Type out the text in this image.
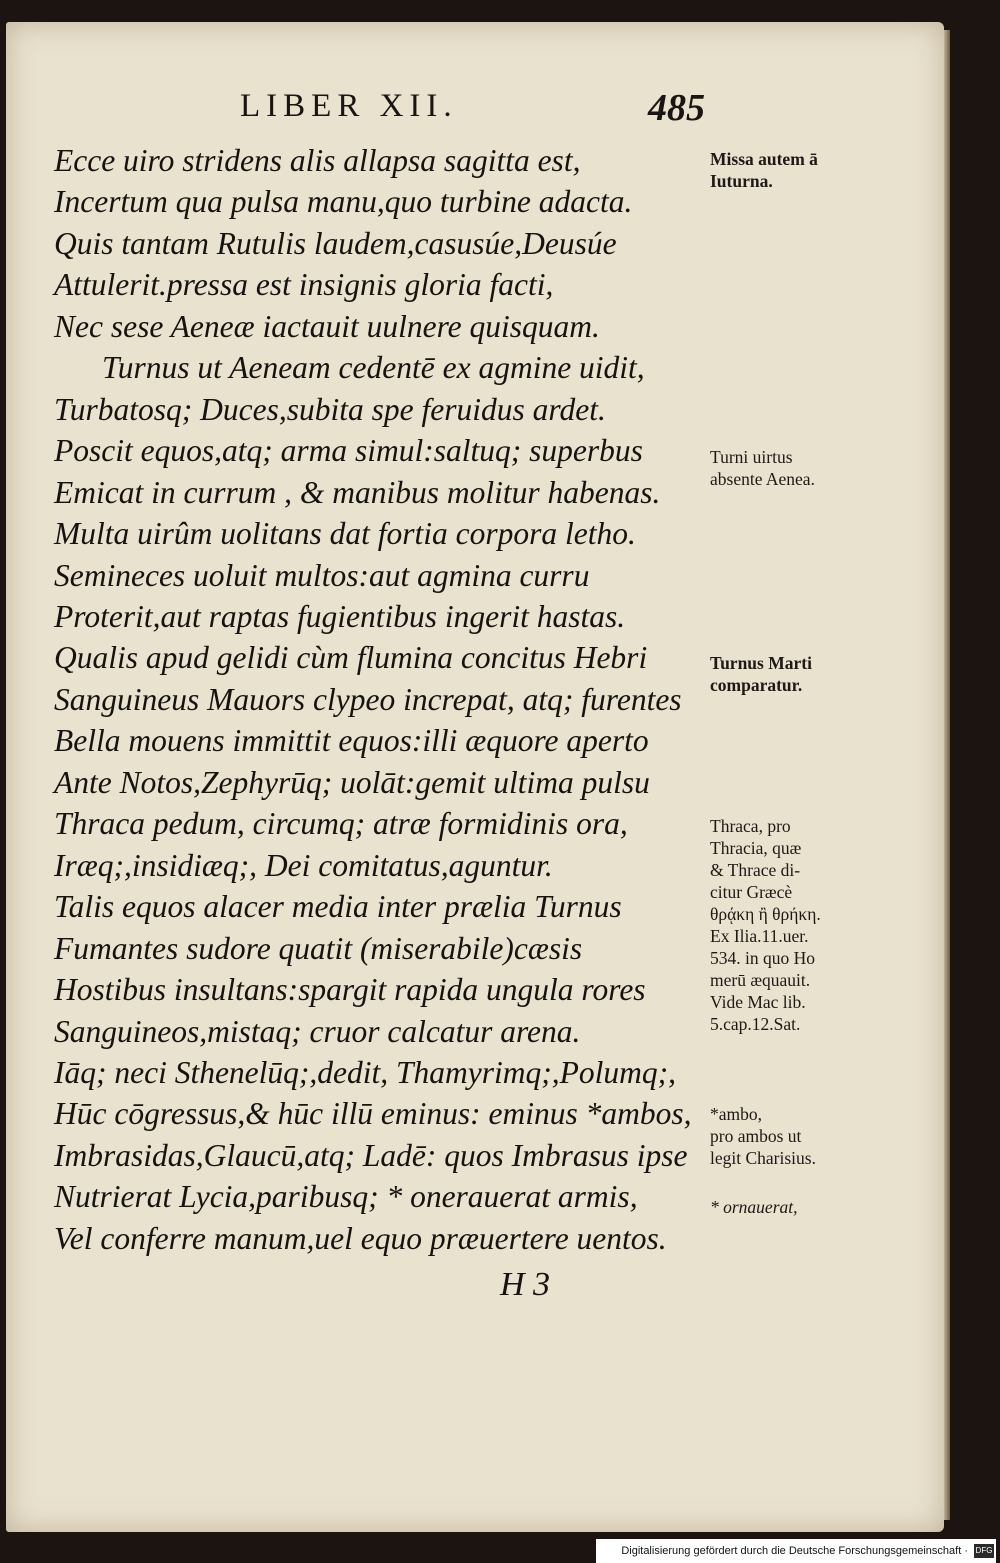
LIBER XII.	485
Ecce uiro stridens alis allapsa sagitta est,
Incertum qua pulsa manu,quo turbine adacta.
Quis tantam Rutulis laudem,casusúe,Deusúe
Attulerit.pressa est insignis gloria facti,
Nec sese Aeneæ iactauit uulnere quisquam.
Turnus ut Aeneam cedentē ex agmine uidit,
Turbatosq; Duces,subita spe feruidus ardet.
Poscit equos,atq; arma simul:saltuq; superbus
Emicat in currum , & manibus molitur habenas.
Multa uirûm uolitans dat fortia corpora letho.
Semineces uoluit multos:aut agmina curru
Proterit,aut raptas fugientibus ingerit hastas.
Qualis apud gelidi cùm flumina concitus Hebri
Sanguineus Mauors clypeo increpat, atq; furentes
Bella mouens immittit equos:illi æquore aperto
Ante Notos,Zephyrūq; uolāt:gemit ultima pulsu
Thraca pedum, circumq; atræ formidinis ora,
Iræq;,insidiæq;, Dei comitatus,aguntur.
Talis equos alacer media inter prælia Turnus
Fumantes sudore quatit (miserabile)cæsis
Hostibus insultans:spargit rapida ungula rores
Sanguineos,mistaq; cruor calcatur arena.
Iāq; neci Sthenelūq;,dedit, Thamyrimq;,Polumq;,
Hūc cōgressus,& hūc illū eminus: eminus *ambos,
Imbrasidas,Glaucū,atq; Ladē: quos Imbrasus ipse
Nutrierat Lycia,paribusq; * onerauerat armis,
Vel conferre manum,uel equo præuertere uentos.
Missa autem ā
Iuturna.
Turni uirtus
absente Aenea.
Turnus Marti
comparatur.
Thraca, pro
Thracia, quæ
& Thrace di-
citur Græcè
θρᾴκη ἢ θρήκη.
Ex Ilia.11.uer.
534. in quo Ho
merū æquauit.
Vide Mac lib.
5.cap.12.Sat.
*ambo,
pro ambos ut
legit Charisius.
* ornauerat,
H 3
Digitalisierung gefördert durch die Deutsche Forschungsgemeinschaft · DFG
